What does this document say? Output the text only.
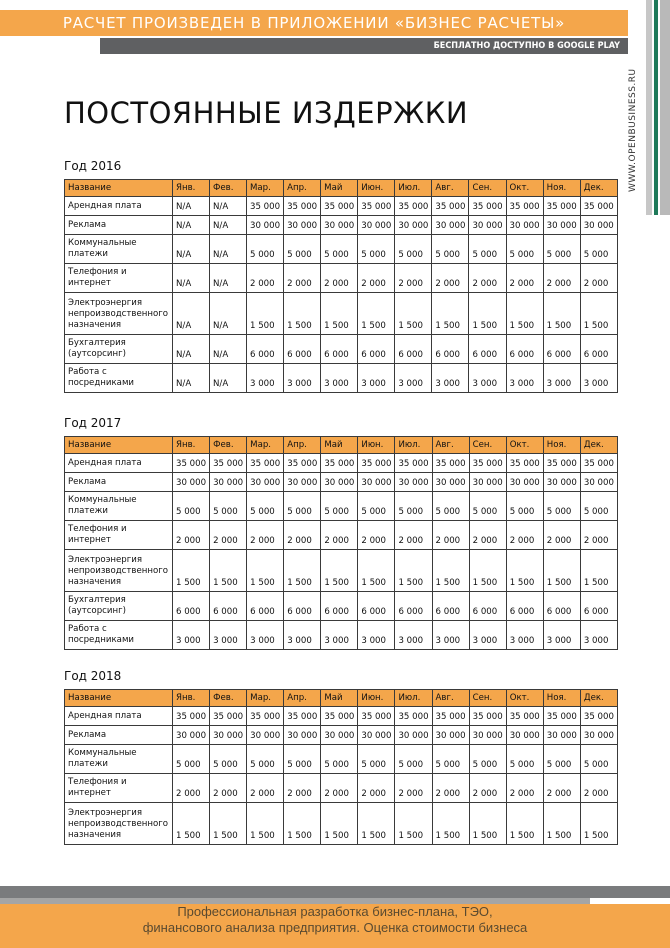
РАСЧЕТ ПРОИЗВЕДЕН В ПРИЛОЖЕНИИ «БИЗНЕС РАСЧЕТЫ»
БЕСПЛАТНО ДОСТУПНО В GOOGLE PLAY
WWW.OPENBUSINESS.RU
ПОСТОЯННЫЕ ИЗДЕРЖКИ
Год 2016
Название	Янв.	Фев.	Мар.	Апр.	Май	Июн.	Июл.	Авг.	Сен.	Окт.	Ноя.	Дек.
Арендная плата	N/A	N/A	35 000	35 000	35 000	35 000	35 000	35 000	35 000	35 000	35 000	35 000
Реклама	N/A	N/A	30 000	30 000	30 000	30 000	30 000	30 000	30 000	30 000	30 000	30 000
Коммунальные платежи	N/A	N/A	5 000	5 000	5 000	5 000	5 000	5 000	5 000	5 000	5 000	5 000
Телефония и интернет	N/A	N/A	2 000	2 000	2 000	2 000	2 000	2 000	2 000	2 000	2 000	2 000
Электроэнергия непроизводственного назначения	N/A	N/A	1 500	1 500	1 500	1 500	1 500	1 500	1 500	1 500	1 500	1 500
Бухгалтерия (аутсорсинг)	N/A	N/A	6 000	6 000	6 000	6 000	6 000	6 000	6 000	6 000	6 000	6 000
Работа с посредниками	N/A	N/A	3 000	3 000	3 000	3 000	3 000	3 000	3 000	3 000	3 000	3 000
Год 2017
Название	Янв.	Фев.	Мар.	Апр.	Май	Июн.	Июл.	Авг.	Сен.	Окт.	Ноя.	Дек.
Арендная плата	35 000	35 000	35 000	35 000	35 000	35 000	35 000	35 000	35 000	35 000	35 000	35 000
Реклама	30 000	30 000	30 000	30 000	30 000	30 000	30 000	30 000	30 000	30 000	30 000	30 000
Коммунальные платежи	5 000	5 000	5 000	5 000	5 000	5 000	5 000	5 000	5 000	5 000	5 000	5 000
Телефония и интернет	2 000	2 000	2 000	2 000	2 000	2 000	2 000	2 000	2 000	2 000	2 000	2 000
Электроэнергия непроизводственного назначения	1 500	1 500	1 500	1 500	1 500	1 500	1 500	1 500	1 500	1 500	1 500	1 500
Бухгалтерия (аутсорсинг)	6 000	6 000	6 000	6 000	6 000	6 000	6 000	6 000	6 000	6 000	6 000	6 000
Работа с посредниками	3 000	3 000	3 000	3 000	3 000	3 000	3 000	3 000	3 000	3 000	3 000	3 000
Год 2018
Название	Янв.	Фев.	Мар.	Апр.	Май	Июн.	Июл.	Авг.	Сен.	Окт.	Ноя.	Дек.
Арендная плата	35 000	35 000	35 000	35 000	35 000	35 000	35 000	35 000	35 000	35 000	35 000	35 000
Реклама	30 000	30 000	30 000	30 000	30 000	30 000	30 000	30 000	30 000	30 000	30 000	30 000
Коммунальные платежи	5 000	5 000	5 000	5 000	5 000	5 000	5 000	5 000	5 000	5 000	5 000	5 000
Телефония и интернет	2 000	2 000	2 000	2 000	2 000	2 000	2 000	2 000	2 000	2 000	2 000	2 000
Электроэнергия непроизводственного назначения	1 500	1 500	1 500	1 500	1 500	1 500	1 500	1 500	1 500	1 500	1 500	1 500
Профессиональная разработка бизнес-плана, ТЭО,
финансового анализа предприятия. Оценка стоимости бизнеса
